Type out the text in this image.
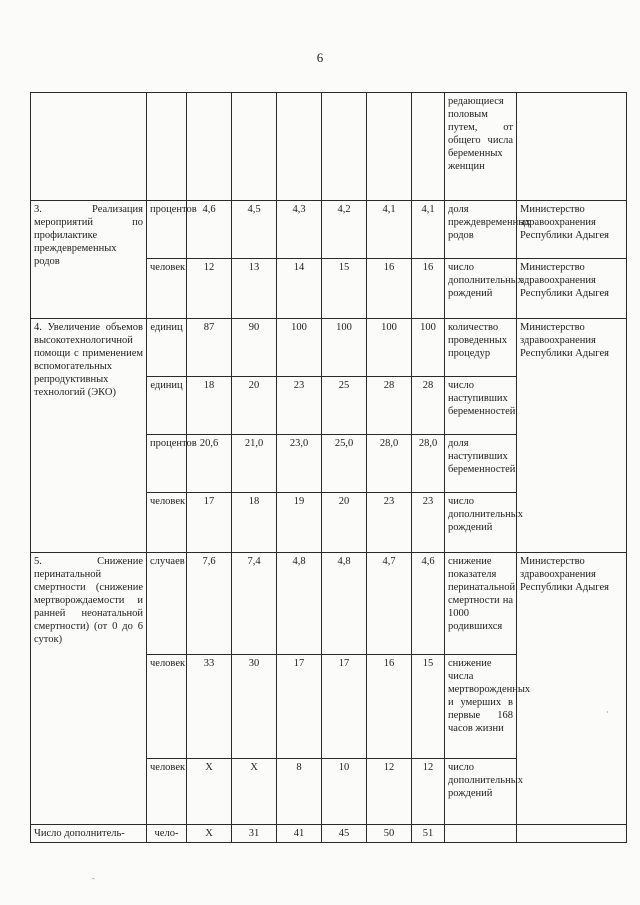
6
								редающиеся половым путем, от общего числа беременных женщин	
3. Реализация мероприятий по профилактике преждевременных родов	процентов	4,6	4,5	4,3	4,2	4,1	4,1	доля преждевременных родов	Министерство здравоохранения Республики Адыгея
	человек	12	13	14	15	16	16	число дополнительных рождений	Министерство здравоохранения Республики Адыгея
4. Увеличение объемов высокотехнологичной помощи с применением вспомогательных репродуктивных технологий (ЭКО)	единиц	87	90	100	100	100	100	количество проведенных процедур	Министерство здравоохранения Республики Адыгея
	единиц	18	20	23	25	28	28	число наступивших беременностей	
	процентов	20,6	21,0	23,0	25,0	28,0	28,0	доля наступивших беременностей	
	человек	17	18	19	20	23	23	число дополнительных рождений	
5. Снижение перинатальной смертности (снижение мертворождаемости и ранней неонатальной смертности) (от 0 до 6 суток)	случаев	7,6	7,4	4,8	4,8	4,7	4,6	снижение показателя перинатальной смертности на 1000 родившихся	Министерство здравоохранения Республики Адыгея
	человек	33	30	17	17	16	15	снижение числа мертворожденных и умерших в первые 168 часов жизни	
	человек	Х	Х	8	10	12	12	число дополнительных рождений	
Число дополнитель-	чело-	Х	31	41	45	50	51		
-
·
